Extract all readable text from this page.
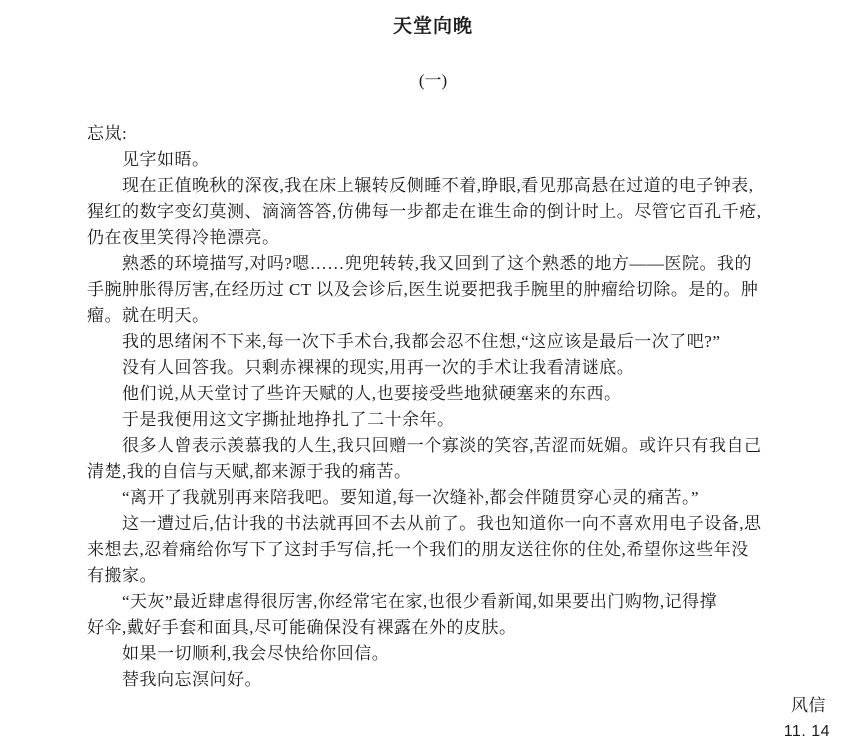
天堂向晚
(一)
忘岚:
见字如晤。
现在正值晚秋的深夜,我在床上辗转反侧睡不着,睁眼,看见那高悬在过道的电子钟表,
猩红的数字变幻莫测、滴滴答答,仿佛每一步都走在谁生命的倒计时上。尽管它百孔千疮,
仍在夜里笑得冷艳漂亮。
熟悉的环境描写,对吗?嗯……兜兜转转,我又回到了这个熟悉的地方——医院。我的
手腕肿胀得厉害,在经历过 CT 以及会诊后,医生说要把我手腕里的肿瘤给切除。是的。肿
瘤。就在明天。
我的思绪闲不下来,每一次下手术台,我都会忍不住想,“这应该是最后一次了吧?”
没有人回答我。只剩赤裸裸的现实,用再一次的手术让我看清谜底。
他们说,从天堂讨了些许天赋的人,也要接受些地狱硬塞来的东西。
于是我便用这文字撕扯地挣扎了二十余年。
很多人曾表示羡慕我的人生,我只回赠一个寡淡的笑容,苦涩而妩媚。或许只有我自己
清楚,我的自信与天赋,都来源于我的痛苦。
“离开了我就别再来陪我吧。要知道,每一次缝补,都会伴随贯穿心灵的痛苦。”
这一遭过后,估计我的书法就再回不去从前了。我也知道你一向不喜欢用电子设备,思
来想去,忍着痛给你写下了这封手写信,托一个我们的朋友送往你的住处,希望你这些年没
有搬家。
“天灰”最近肆虐得很厉害,你经常宅在家,也很少看新闻,如果要出门购物,记得撑
好伞,戴好手套和面具,尽可能确保没有裸露在外的皮肤。
如果一切顺利,我会尽快给你回信。
替我向忘溟问好。
风信
11. 14
